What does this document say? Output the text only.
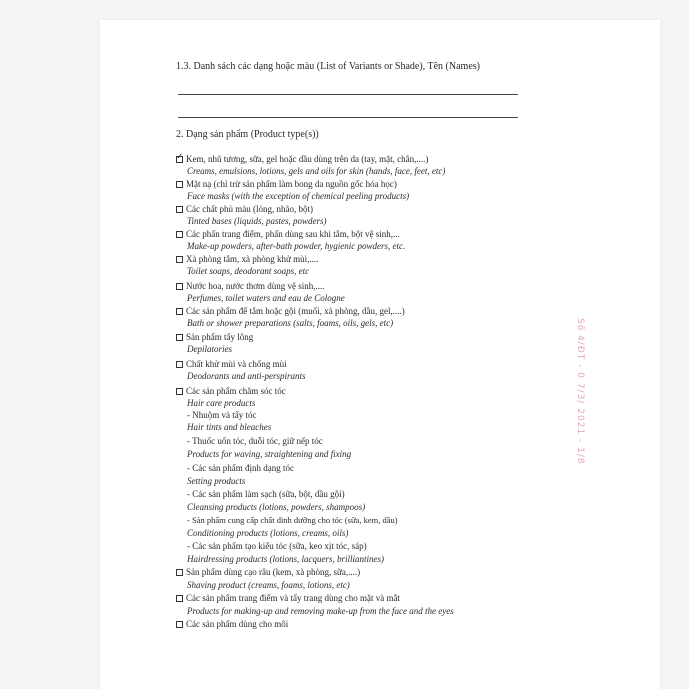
1.3. Danh sách các dạng hoặc màu (List of Variants or Shade), Tên (Names)
2. Dạng sản phẩm (Product type(s))
✓Kem, nhũ tương, sữa, gel hoặc dầu dùng trên da (tay, mặt, chân,....)
Creams, emulsions, lotions, gels and oils for skin (hands, face, feet, etc)
Mặt nạ (chỉ trừ sản phẩm làm bong da nguồn gốc hóa học)
Face masks (with the exception of chemical peeling products)
Các chất phủ màu (lỏng, nhão, bột)
Tinted bases (liquids, pastes, powders)
Các phấn trang điểm, phấn dùng sau khi tắm, bột vệ sinh,...
Make-up powders, after-bath powder, hygienic powders, etc.
Xà phòng tắm, xà phòng khử mùi,....
Toilet soaps, deodorant soaps, etc
Nước hoa, nước thơm dùng vệ sinh,....
Perfumes, toilet waters and eau de Cologne
Các sản phẩm để tắm hoặc gội (muối, xà phòng, dầu, gel,....)
Bath or shower preparations (salts, foams, oils, gels, etc)
Sản phẩm tẩy lông
Depilatories
Chất khử mùi và chống mùi
Deodorants and anti-perspirants
Các sản phẩm chăm sóc tóc
Hair care products
- Nhuộm và tẩy tóc
Hair tints and bleaches
- Thuốc uốn tóc, duỗi tóc, giữ nếp tóc
Products for waving, straightening and fixing
- Các sản phẩm định dạng tóc
Setting products
- Các sản phẩm làm sạch (sữa, bột, dầu gội)
Cleansing products (lotions, powders, shampoos)
- Sản phẩm cung cấp chất dinh dưỡng cho tóc (sữa, kem, dầu)
Conditioning products (lotions, creams, oils)
- Các sản phẩm tạo kiểu tóc (sữa, keo xịt tóc, sáp)
Hairdressing products (lotions, lacquers, brilliantines)
Sản phẩm dùng cạo râu (kem, xà phòng, sữa,....)
Shaving product (creams, foams, lotions, etc)
Các sản phẩm trang điểm và tẩy trang dùng cho mặt và mắt
Products for making-up and removing make-up from the face and the eyes
Các sản phẩm dùng cho môi
Số 4/ĐT - 0 7/3/ 2021 - 1/8
